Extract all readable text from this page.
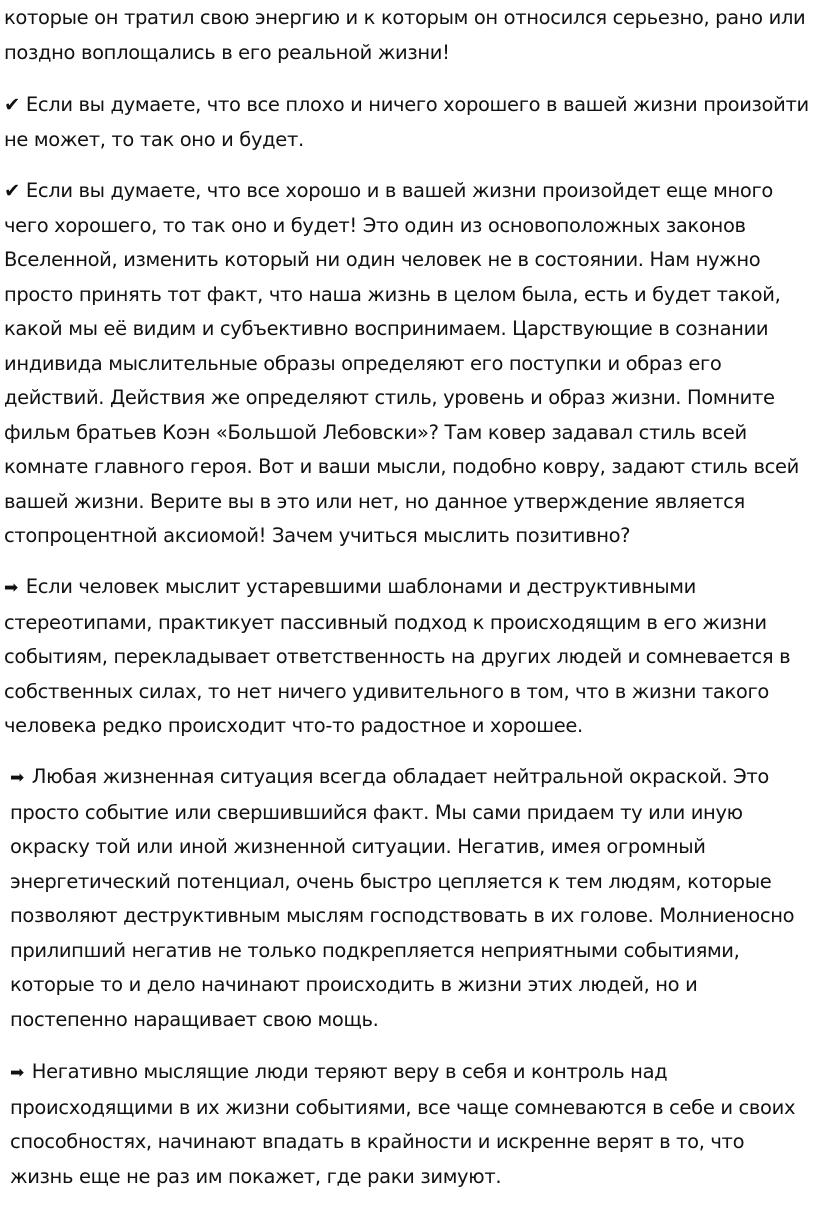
которые он тратил свою энергию и к которым он относился серьезно, рано или поздно воплощались в его реальной жизни!

✔ Если вы думаете, что все плохо и ничего хорошего в вашей жизни произойти не может, то так оно и будет.

✔ Если вы думаете, что все хорошо и в вашей жизни произойдет еще много чего хорошего, то так оно и будет! Это один из основоположных законов Вселенной, изменить который ни один человек не в состоянии. Нам нужно просто принять тот факт, что наша жизнь в целом была, есть и будет такой, какой мы её видим и субъективно воспринимаем. Царствующие в сознании индивида мыслительные образы определяют его поступки и образ его действий. Действия же определяют стиль, уровень и образ жизни. Помните фильм братьев Коэн «Большой Лебовски»? Там ковер задавал стиль всей комнате главного героя. Вот и ваши мысли, подобно ковру, задают стиль всей вашей жизни. Верите вы в это или нет, но данное утверждение является стопроцентной аксиомой! Зачем учиться мыслить позитивно?

➡ Если человек мыслит устаревшими шаблонами и деструктивными стереотипами, практикует пассивный подход к происходящим в его жизни событиям, перекладывает ответственность на других людей и сомневается в собственных силах, то нет ничего удивительного в том, что в жизни такого человека редко происходит что-то радостное и хорошее.

➡ Любая жизненная ситуация всегда обладает нейтральной окраской. Это просто событие или свершившийся факт. Мы сами придаем ту или иную окраску той или иной жизненной ситуации. Негатив, имея огромный энергетический потенциал, очень быстро цепляется к тем людям, которые позволяют деструктивным мыслям господствовать в их голове. Молниеносно прилипший негатив не только подкрепляется неприятными событиями, которые то и дело начинают происходить в жизни этих людей, но и постепенно наращивает свою мощь.

➡ Негативно мыслящие люди теряют веру в себя и контроль над происходящими в их жизни событиями, все чаще сомневаются в себе и своих способностях, начинают впадать в крайности и искренне верят в то, что жизнь еще не раз им покажет, где раки зимуют.
